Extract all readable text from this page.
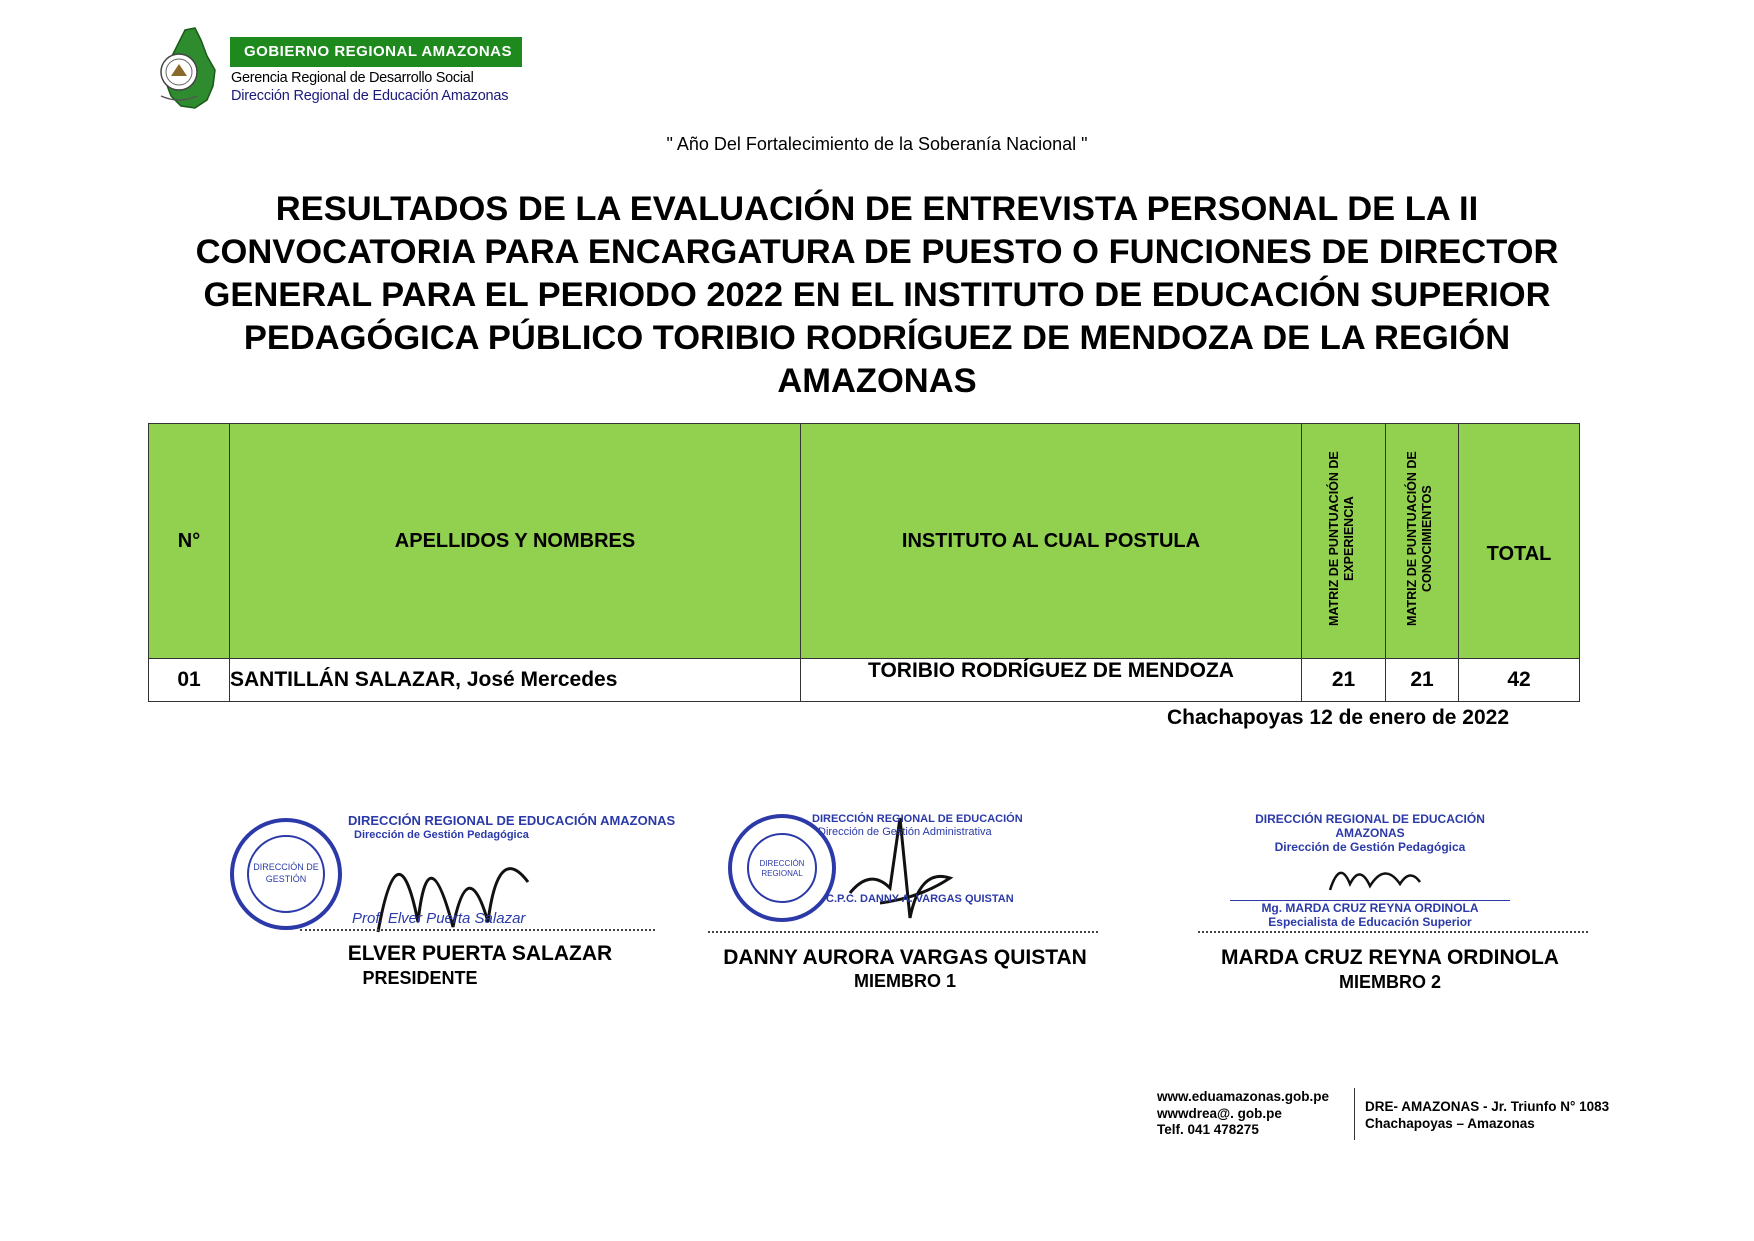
GOBIERNO REGIONAL AMAZONAS
Gerencia Regional de Desarrollo Social
Dirección Regional de Educación Amazonas
" Año Del Fortalecimiento de la Soberanía Nacional "
RESULTADOS DE LA EVALUACIÓN DE ENTREVISTA PERSONAL DE LA II
CONVOCATORIA PARA ENCARGATURA DE PUESTO O FUNCIONES DE DIRECTOR
GENERAL PARA EL PERIODO 2022 EN EL INSTITUTO DE EDUCACIÓN SUPERIOR
PEDAGÓGICA PÚBLICO TORIBIO RODRÍGUEZ DE MENDOZA DE LA REGIÓN
AMAZONAS
N°	APELLIDOS Y NOMBRES	INSTITUTO AL CUAL POSTULA	MATRIZ DE PUNTUACIÓN DE EXPERIENCIA	MATRIZ DE PUNTUACIÓN DE CONOCIMIENTOS	TOTAL
01	SANTILLÁN SALAZAR, José Mercedes	TORIBIO RODRÍGUEZ DE MENDOZA	21	21	42
Chachapoyas 12 de enero de 2022
DIRECCIÓN DE
GESTIÓN
DIRECCIÓN REGIONAL DE EDUCACIÓN AMAZONAS
Dirección de Gestión Pedagógica
Prof. Elver Puerta Salazar
ELVER PUERTA SALAZAR
PRESIDENTE
DIRECCIÓN
REGIONAL
DIRECCIÓN REGIONAL DE EDUCACIÓN
Dirección de Gestión Administrativa
C.P.C. DANNY A. VARGAS QUISTAN
DANNY AURORA VARGAS QUISTAN
MIEMBRO 1
DIRECCIÓN REGIONAL DE EDUCACIÓN AMAZONAS
Dirección de Gestión Pedagógica
Mg. MARDA CRUZ REYNA ORDINOLA
Especialista de Educación Superior
MARDA CRUZ REYNA ORDINOLA
MIEMBRO 2
www.eduamazonas.gob.pe
wwwdrea@. gob.pe
Telf. 041 478275
DRE- AMAZONAS - Jr. Triunfo N° 1083
Chachapoyas – Amazonas
